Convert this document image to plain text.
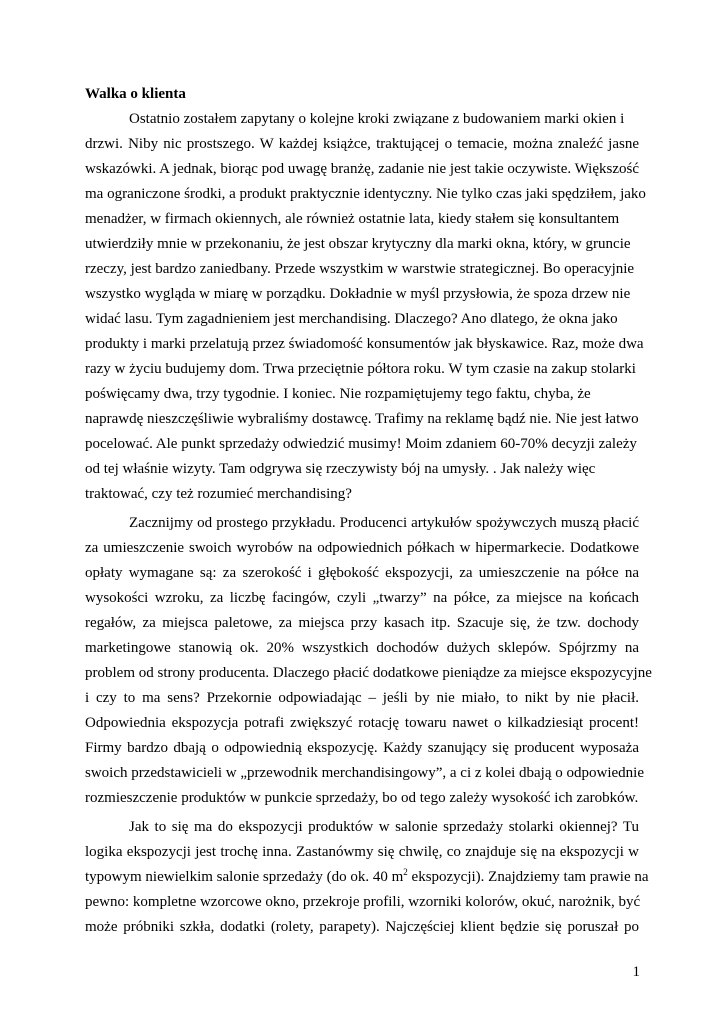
Walka o klienta
Ostatnio zostałem zapytany o kolejne kroki związane z budowaniem marki okien i
drzwi. Niby nic prostszego. W każdej książce, traktującej o temacie, można znaleźć jasne
wskazówki. A jednak, biorąc pod uwagę branżę, zadanie nie jest takie oczywiste. Większość
ma ograniczone środki, a produkt praktycznie identyczny. Nie tylko czas jaki spędziłem, jako
menadżer, w firmach okiennych, ale również ostatnie lata, kiedy stałem się konsultantem
utwierdziły mnie w przekonaniu, że jest obszar krytyczny dla marki okna, który, w gruncie
rzeczy, jest bardzo zaniedbany. Przede wszystkim w warstwie strategicznej. Bo operacyjnie
wszystko wygląda w miarę w porządku. Dokładnie w myśl przysłowia, że spoza drzew nie
widać lasu. Tym zagadnieniem jest merchandising. Dlaczego? Ano dlatego, że okna jako
produkty i marki przelatują przez świadomość konsumentów jak błyskawice. Raz, może dwa
razy w życiu budujemy dom. Trwa przeciętnie półtora roku. W tym czasie na zakup stolarki
poświęcamy dwa, trzy tygodnie. I koniec. Nie rozpamiętujemy tego faktu, chyba, że
naprawdę nieszczęśliwie wybraliśmy dostawcę. Trafimy na reklamę bądź nie. Nie jest łatwo
pocelować. Ale punkt sprzedaży odwiedzić musimy! Moim zdaniem 60-70% decyzji zależy
od tej właśnie wizyty. Tam odgrywa się rzeczywisty bój na umysły. . Jak należy więc
traktować, czy też rozumieć merchandising?
Zacznijmy od prostego przykładu. Producenci artykułów spożywczych muszą płacić
za umieszczenie swoich wyrobów na odpowiednich półkach w hipermarkecie. Dodatkowe
opłaty wymagane są: za szerokość i głębokość ekspozycji, za umieszczenie na półce na
wysokości wzroku, za liczbę facingów, czyli „twarzy” na półce, za miejsce na końcach
regałów, za miejsca paletowe, za miejsca przy kasach itp. Szacuje się, że tzw. dochody
marketingowe stanowią ok. 20% wszystkich dochodów dużych sklepów. Spójrzmy na
problem od strony producenta. Dlaczego płacić dodatkowe pieniądze za miejsce ekspozycyjne
i czy to ma sens? Przekornie odpowiadając – jeśli by nie miało, to nikt by nie płacił.
Odpowiednia ekspozycja potrafi zwiększyć rotację towaru nawet o kilkadziesiąt procent!
Firmy bardzo dbają o odpowiednią ekspozycję. Każdy szanujący się producent wyposaża
swoich przedstawicieli w „przewodnik merchandisingowy”, a ci z kolei dbają o odpowiednie
rozmieszczenie produktów w punkcie sprzedaży, bo od tego zależy wysokość ich zarobków.
Jak to się ma do ekspozycji produktów w salonie sprzedaży stolarki okiennej? Tu
logika ekspozycji jest trochę inna. Zastanówmy się chwilę, co znajduje się na ekspozycji w
typowym niewielkim salonie sprzedaży (do ok. 40 $m^2$ ekspozycji). Znajdziemy tam prawie na
pewno: kompletne wzorcowe okno, przekroje profili, wzorniki kolorów, okuć, narożnik, być
może próbniki szkła, dodatki (rolety, parapety). Najczęściej klient będzie się poruszał po
1
